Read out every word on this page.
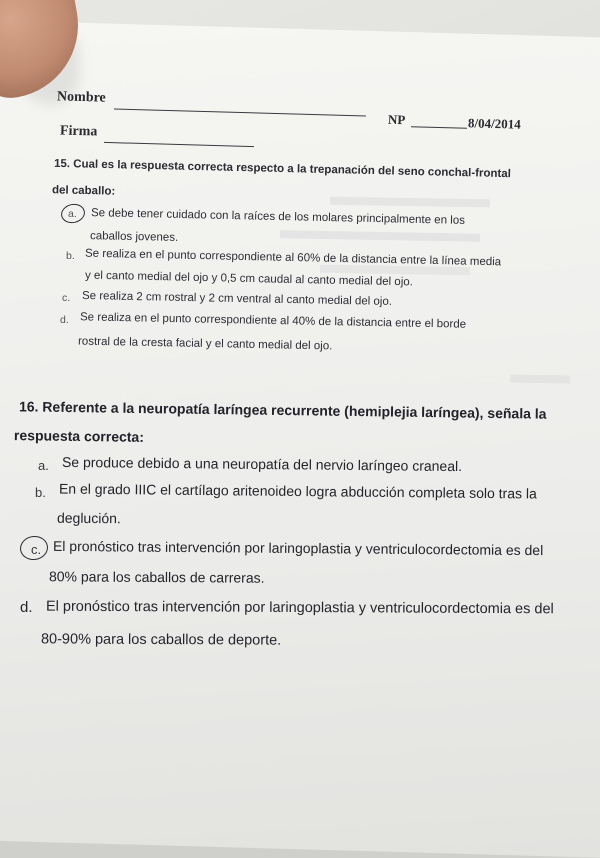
Nombre
Firma
NP	8/04/2014
15. Cual es la respuesta correcta respecto a la trepanación del seno conchal-frontal
del caballo:
a. Se debe tener cuidado con la raíces de los molares principalmente en los
caballos jovenes.
b. Se realiza en el punto correspondiente al 60% de la distancia entre la línea media
y el canto medial del ojo y 0,5 cm caudal al canto medial del ojo.
c. Se realiza 2 cm rostral y 2 cm ventral al canto medial del ojo.
d. Se realiza en el punto correspondiente al 40% de la distancia entre el borde
rostral de la cresta facial y el canto medial del ojo.
16. Referente a la neuropatía laríngea recurrente (hemiplejia laríngea), señala la
respuesta correcta:
a. Se produce debido a una neuropatía del nervio laríngeo craneal.
b. En el grado IIIC el cartílago aritenoideo logra abducción completa solo tras la
deglución.
c. El pronóstico tras intervención por laringoplastia y ventriculocordectomia es del
80% para los caballos de carreras.
d. El pronóstico tras intervención por laringoplastia y ventriculocordectomia es del
80-90% para los caballos de deporte.
